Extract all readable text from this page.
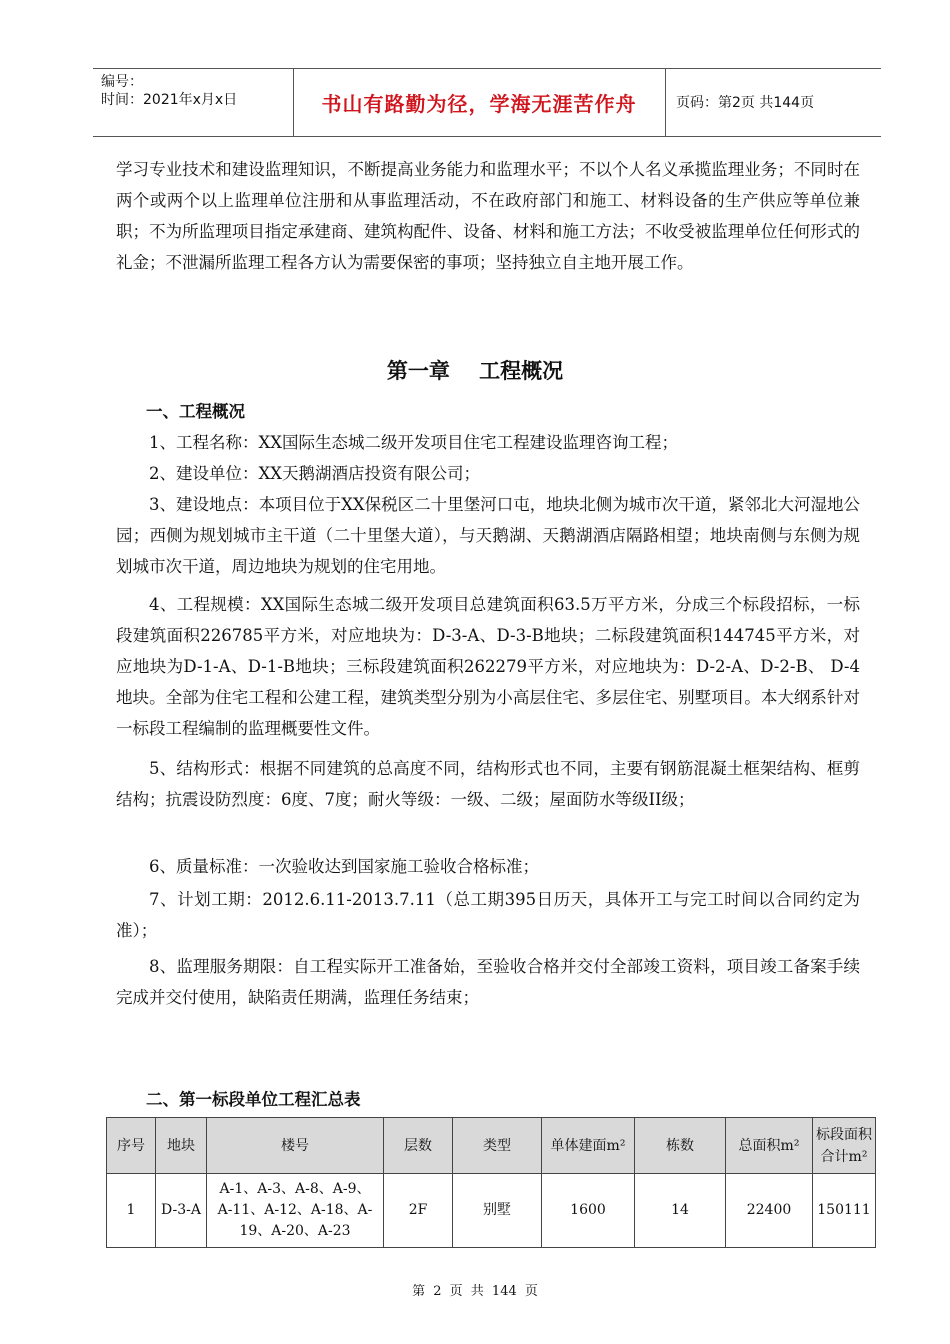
编号：
时间：2021年x月x日	书山有路勤为径，学海无涯苦作舟	页码：第2页 共144页
学习专业技术和建设监理知识，不断提高业务能力和监理水平；不以个人名义承揽监理业务；不同时在两个或两个以上监理单位注册和从事监理活动，不在政府部门和施工、材料设备的生产供应等单位兼职；不为所监理项目指定承建商、建筑构配件、设备、材料和施工方法；不收受被监理单位任何形式的礼金；不泄漏所监理工程各方认为需要保密的事项；坚持独立自主地开展工作。
第一章    工程概况
一、工程概况
1、工程名称：XX国际生态城二级开发项目住宅工程建设监理咨询工程；
2、建设单位：XX天鹅湖酒店投资有限公司；
3、建设地点：本项目位于XX保税区二十里堡河口屯，地块北侧为城市次干道，紧邻北大河湿地公园；西侧为规划城市主干道（二十里堡大道），与天鹅湖、天鹅湖酒店隔路相望；地块南侧与东侧为规划城市次干道，周边地块为规划的住宅用地。
4、工程规模：XX国际生态城二级开发项目总建筑面积63.5万平方米，分成三个标段招标，一标段建筑面积226785平方米，对应地块为：D-3-A、D-3-B地块；二标段建筑面积144745平方米，对应地块为D-1-A、D-1-B地块；三标段建筑面积262279平方米，对应地块为：D-2-A、D-2-B、 D-4地块。全部为住宅工程和公建工程，建筑类型分别为小高层住宅、多层住宅、别墅项目。本大纲系针对一标段工程编制的监理概要性文件。
5、结构形式：根据不同建筑的总高度不同，结构形式也不同，主要有钢筋混凝土框架结构、框剪结构；抗震设防烈度：6度、7度；耐火等级：一级、二级；屋面防水等级II级；
6、质量标准：一次验收达到国家施工验收合格标准；
7、计划工期：2012.6.11-2013.7.11（总工期395日历天，具体开工与完工时间以合同约定为准）；
8、监理服务期限：自工程实际开工准备始，至验收合格并交付全部竣工资料，项目竣工备案手续完成并交付使用，缺陷责任期满，监理任务结束；
二、第一标段单位工程汇总表
序号	地块	楼号	层数	类型	单体建面m²	栋数	总面积m²	标段面积合计m²
1	D-3-A	A-1、A-3、A-8、A-9、A-11、A-12、A-18、A-19、A-20、A-23	2F	别墅	1600	14	22400	150111
第 2 页 共 144 页
